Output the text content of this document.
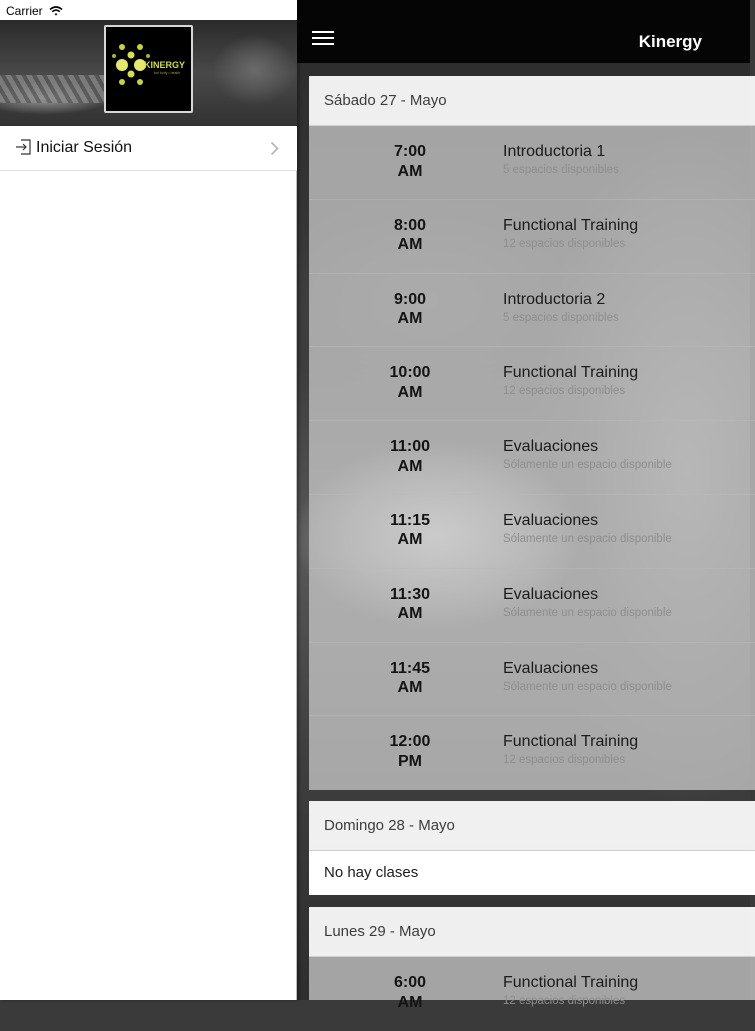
Kinergy
Sábado 27 - Mayo
7:00
AM
Introductoria 1
5 espacios disponibles
8:00
AM
Functional Training
12 espacios disponibles
9:00
AM
Introductoria 2
5 espacios disponibles
10:00
AM
Functional Training
12 espacios disponibles
11:00
AM
Evaluaciones
Sólamente un espacio disponible
11:15
AM
Evaluaciones
Sólamente un espacio disponible
11:30
AM
Evaluaciones
Sólamente un espacio disponible
11:45
AM
Evaluaciones
Sólamente un espacio disponible
12:00
PM
Functional Training
12 espacios disponibles
Domingo 28 - Mayo
No hay clases
Lunes 29 - Mayo
6:00
AM
Functional Training
12 espacios disponibles
Carrier
KINERGY
fun body • health
Iniciar Sesión
